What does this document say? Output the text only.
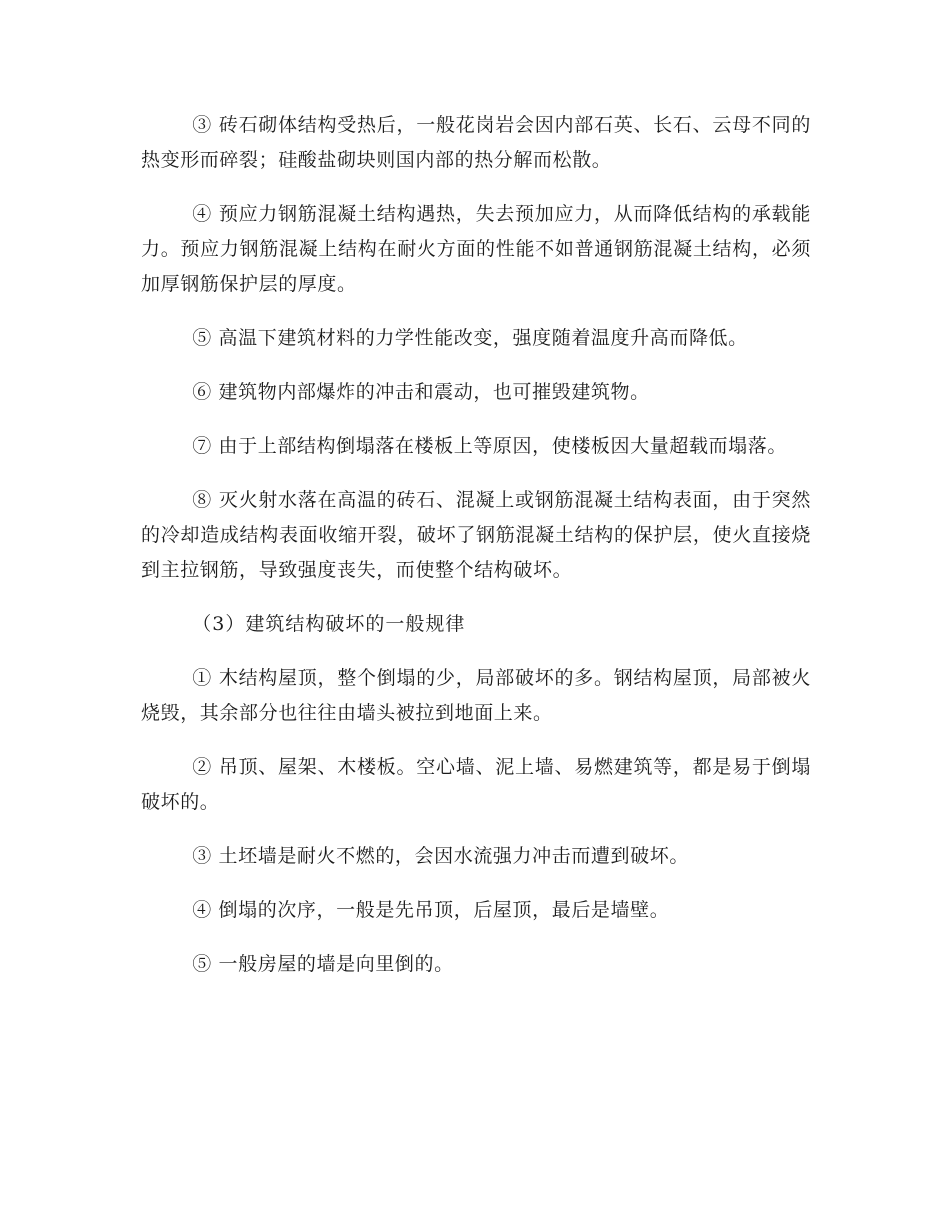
③ 砖石砌体结构受热后，一般花岗岩会因内部石英、长石、云母不同的热变形而碎裂；硅酸盐砌块则国内部的热分解而松散。

④ 预应力钢筋混凝土结构遇热，失去预加应力，从而降低结构的承载能力。预应力钢筋混凝上结构在耐火方面的性能不如普通钢筋混凝土结构，必须加厚钢筋保护层的厚度。

⑤ 高温下建筑材料的力学性能改变，强度随着温度升高而降低。

⑥ 建筑物内部爆炸的冲击和震动，也可摧毁建筑物。

⑦ 由于上部结构倒塌落在楼板上等原因，使楼板因大量超载而塌落。

⑧ 灭火射水落在高温的砖石、混凝上或钢筋混凝土结构表面，由于突然的冷却造成结构表面收缩开裂，破坏了钢筋混凝土结构的保护层，使火直接烧到主拉钢筋，导致强度丧失，而使整个结构破坏。

（3）建筑结构破坏的一般规律

① 木结构屋顶，整个倒塌的少，局部破坏的多。钢结构屋顶，局部被火烧毁，其余部分也往往由墙头被拉到地面上来。

② 吊顶、屋架、木楼板。空心墙、泥上墙、易燃建筑等，都是易于倒塌破坏的。

③ 土坯墙是耐火不燃的，会因水流强力冲击而遭到破坏。

④ 倒塌的次序，一般是先吊顶，后屋顶，最后是墙壁。

⑤ 一般房屋的墙是向里倒的。
